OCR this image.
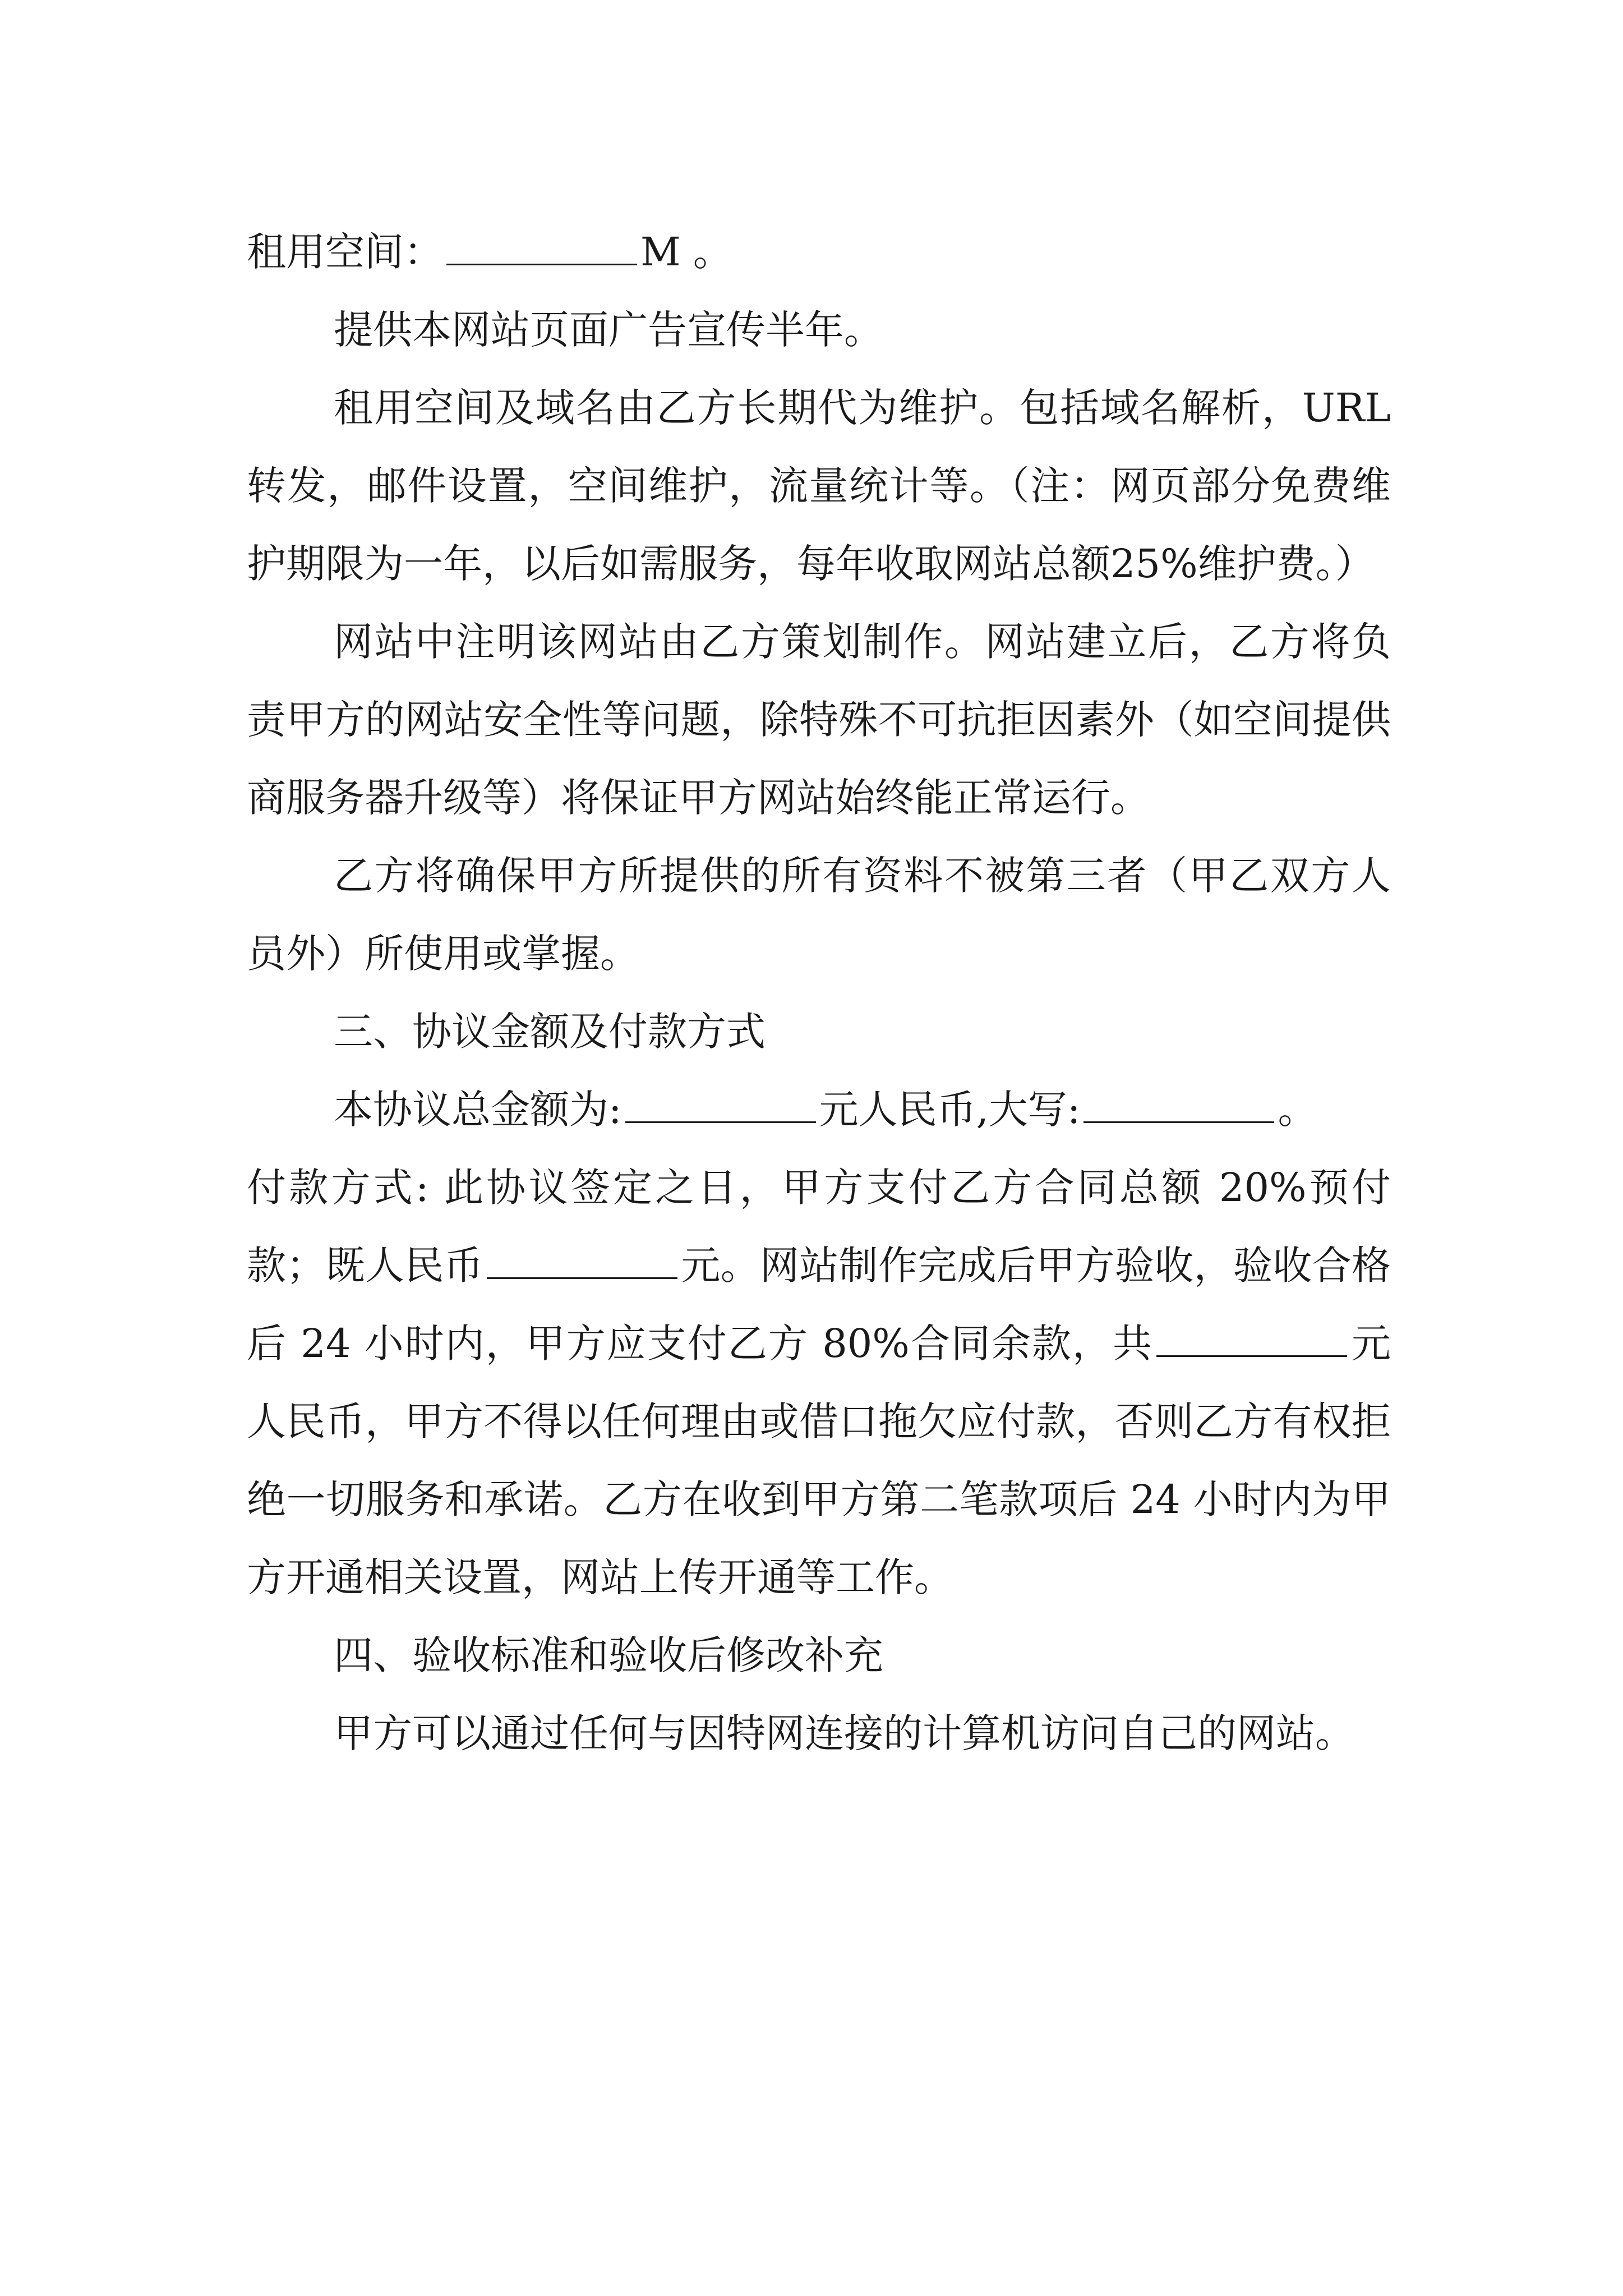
租用空间：	M 。

提供本网站页面广告宣传半年。

租用空间及域名由乙方长期代为维护。包括域名解析，URL 转发，邮件设置，空间维护，流量统计等。（注：网页部分免费维护期限为一年，以后如需服务，每年收取网站总额25%维护费。）

网站中注明该网站由乙方策划制作。网站建立后，乙方将负责甲方的网站安全性等问题，除特殊不可抗拒因素外（如空间提供商服务器升级等）将保证甲方网站始终能正常运行。

乙方将确保甲方所提供的所有资料不被第三者（甲乙双方人员外）所使用或掌握。

三、协议金额及付款方式

本协议总金额为:	元人民币,大写:	。

付款方式: 此协议签定之日，甲方支付乙方合同总额 20%预付款；既人民币	元。网站制作完成后甲方验收，验收合格后 24 小时内，甲方应支付乙方 80%合同余款，共	元人民币，甲方不得以任何理由或借口拖欠应付款，否则乙方有权拒绝一切服务和承诺。乙方在收到甲方第二笔款项后 24 小时内为甲方开通相关设置，网站上传开通等工作。

四、验收标准和验收后修改补充

甲方可以通过任何与因特网连接的计算机访问自己的网站。
